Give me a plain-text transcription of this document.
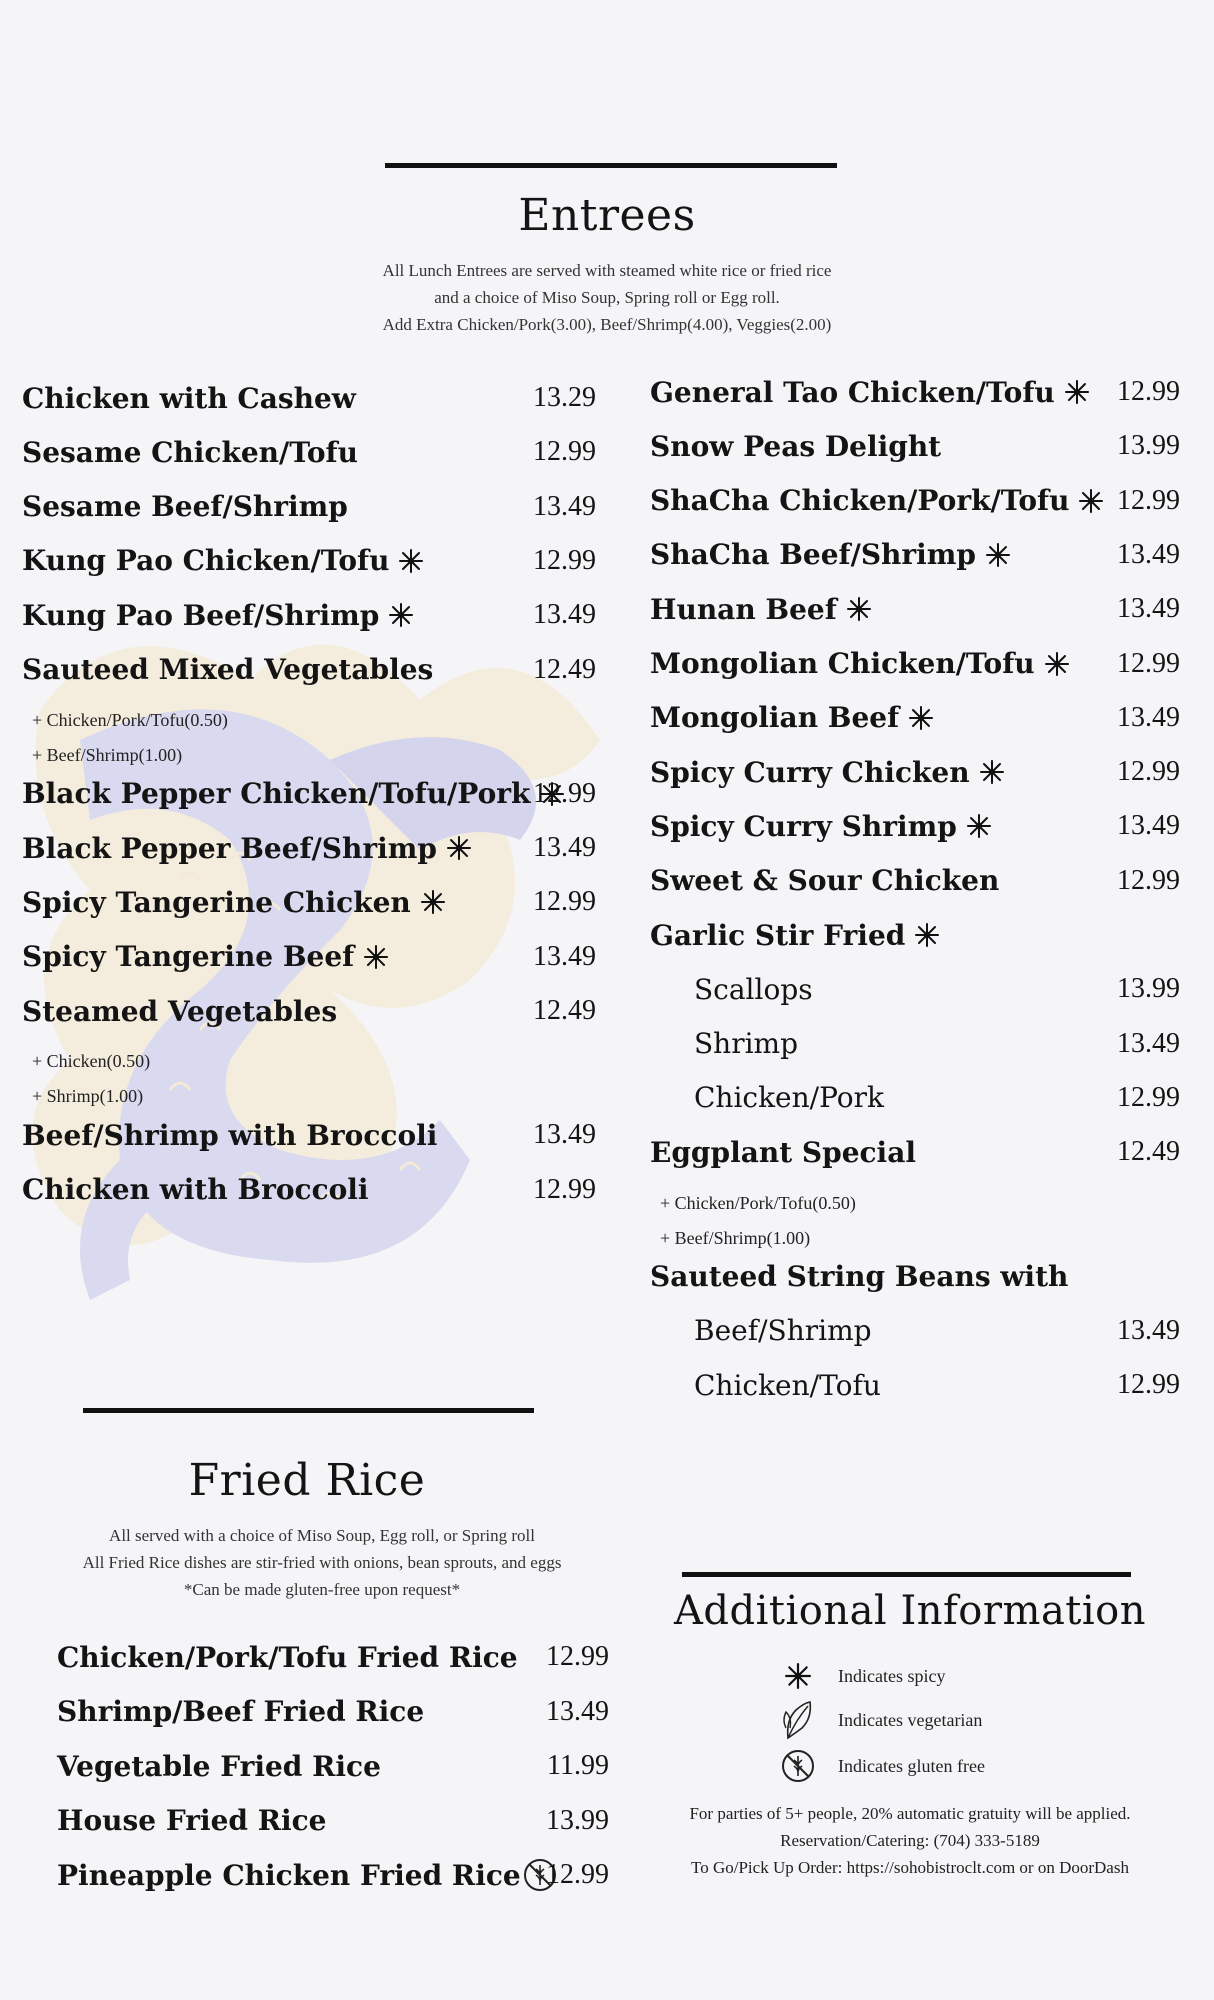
Entrees
All Lunch Entrees are served with steamed white rice or fried rice
and a choice of Miso Soup, Spring roll or Egg roll.
Add Extra Chicken/Pork(3.00), Beef/Shrimp(4.00), Veggies(2.00)
Chicken with Cashew	13.29
Sesame Chicken/Tofu	12.99
Sesame Beef/Shrimp	13.49
Kung Pao Chicken/Tofu	12.99
Kung Pao Beef/Shrimp	13.49
Sauteed Mixed Vegetables	12.49
+ Chicken/Pork/Tofu(0.50)
+ Beef/Shrimp(1.00)
Black Pepper Chicken/Tofu/Pork 12.99
Black Pepper Beef/Shrimp	13.49
Spicy Tangerine Chicken	12.99
Spicy Tangerine Beef	13.49
Steamed Vegetables	12.49
+ Chicken(0.50)
+ Shrimp(1.00)
Beef/Shrimp with Broccoli	13.49
Chicken with Broccoli	12.99
General Tao Chicken/Tofu 12.99
Snow Peas Delight	13.99
ShaCha Chicken/Pork/Tofu 12.99
ShaCha Beef/Shrimp	13.49
Hunan Beef	13.49
Mongolian Chicken/Tofu	12.99
Mongolian Beef	13.49
Spicy Curry Chicken	12.99
Spicy Curry Shrimp	13.49
Sweet & Sour Chicken	12.99
Garlic Stir Fried
Scallops	13.99
Shrimp	13.49
Chicken/Pork	12.99
Eggplant Special	12.49
+ Chicken/Pork/Tofu(0.50)
+ Beef/Shrimp(1.00)
Sauteed String Beans with
Beef/Shrimp	13.49
Chicken/Tofu	12.99
Fried Rice
All served with a choice of Miso Soup, Egg roll, or Spring roll
All Fried Rice dishes are stir-fried with onions, bean sprouts, and eggs
*Can be made gluten-free upon request*
Chicken/Pork/Tofu Fried Rice 12.99
Shrimp/Beef Fried Rice	13.49
Vegetable Fried Rice	11.99
House Fried Rice	13.99
Pineapple Chicken Fried Rice 12.99
Additional Information
Indicates spicy
Indicates vegetarian
Indicates gluten free
For parties of 5+ people, 20% automatic gratuity will be applied.
Reservation/Catering: (704) 333-5189
To Go/Pick Up Order: https://sohobistroclt.com or on DoorDash
